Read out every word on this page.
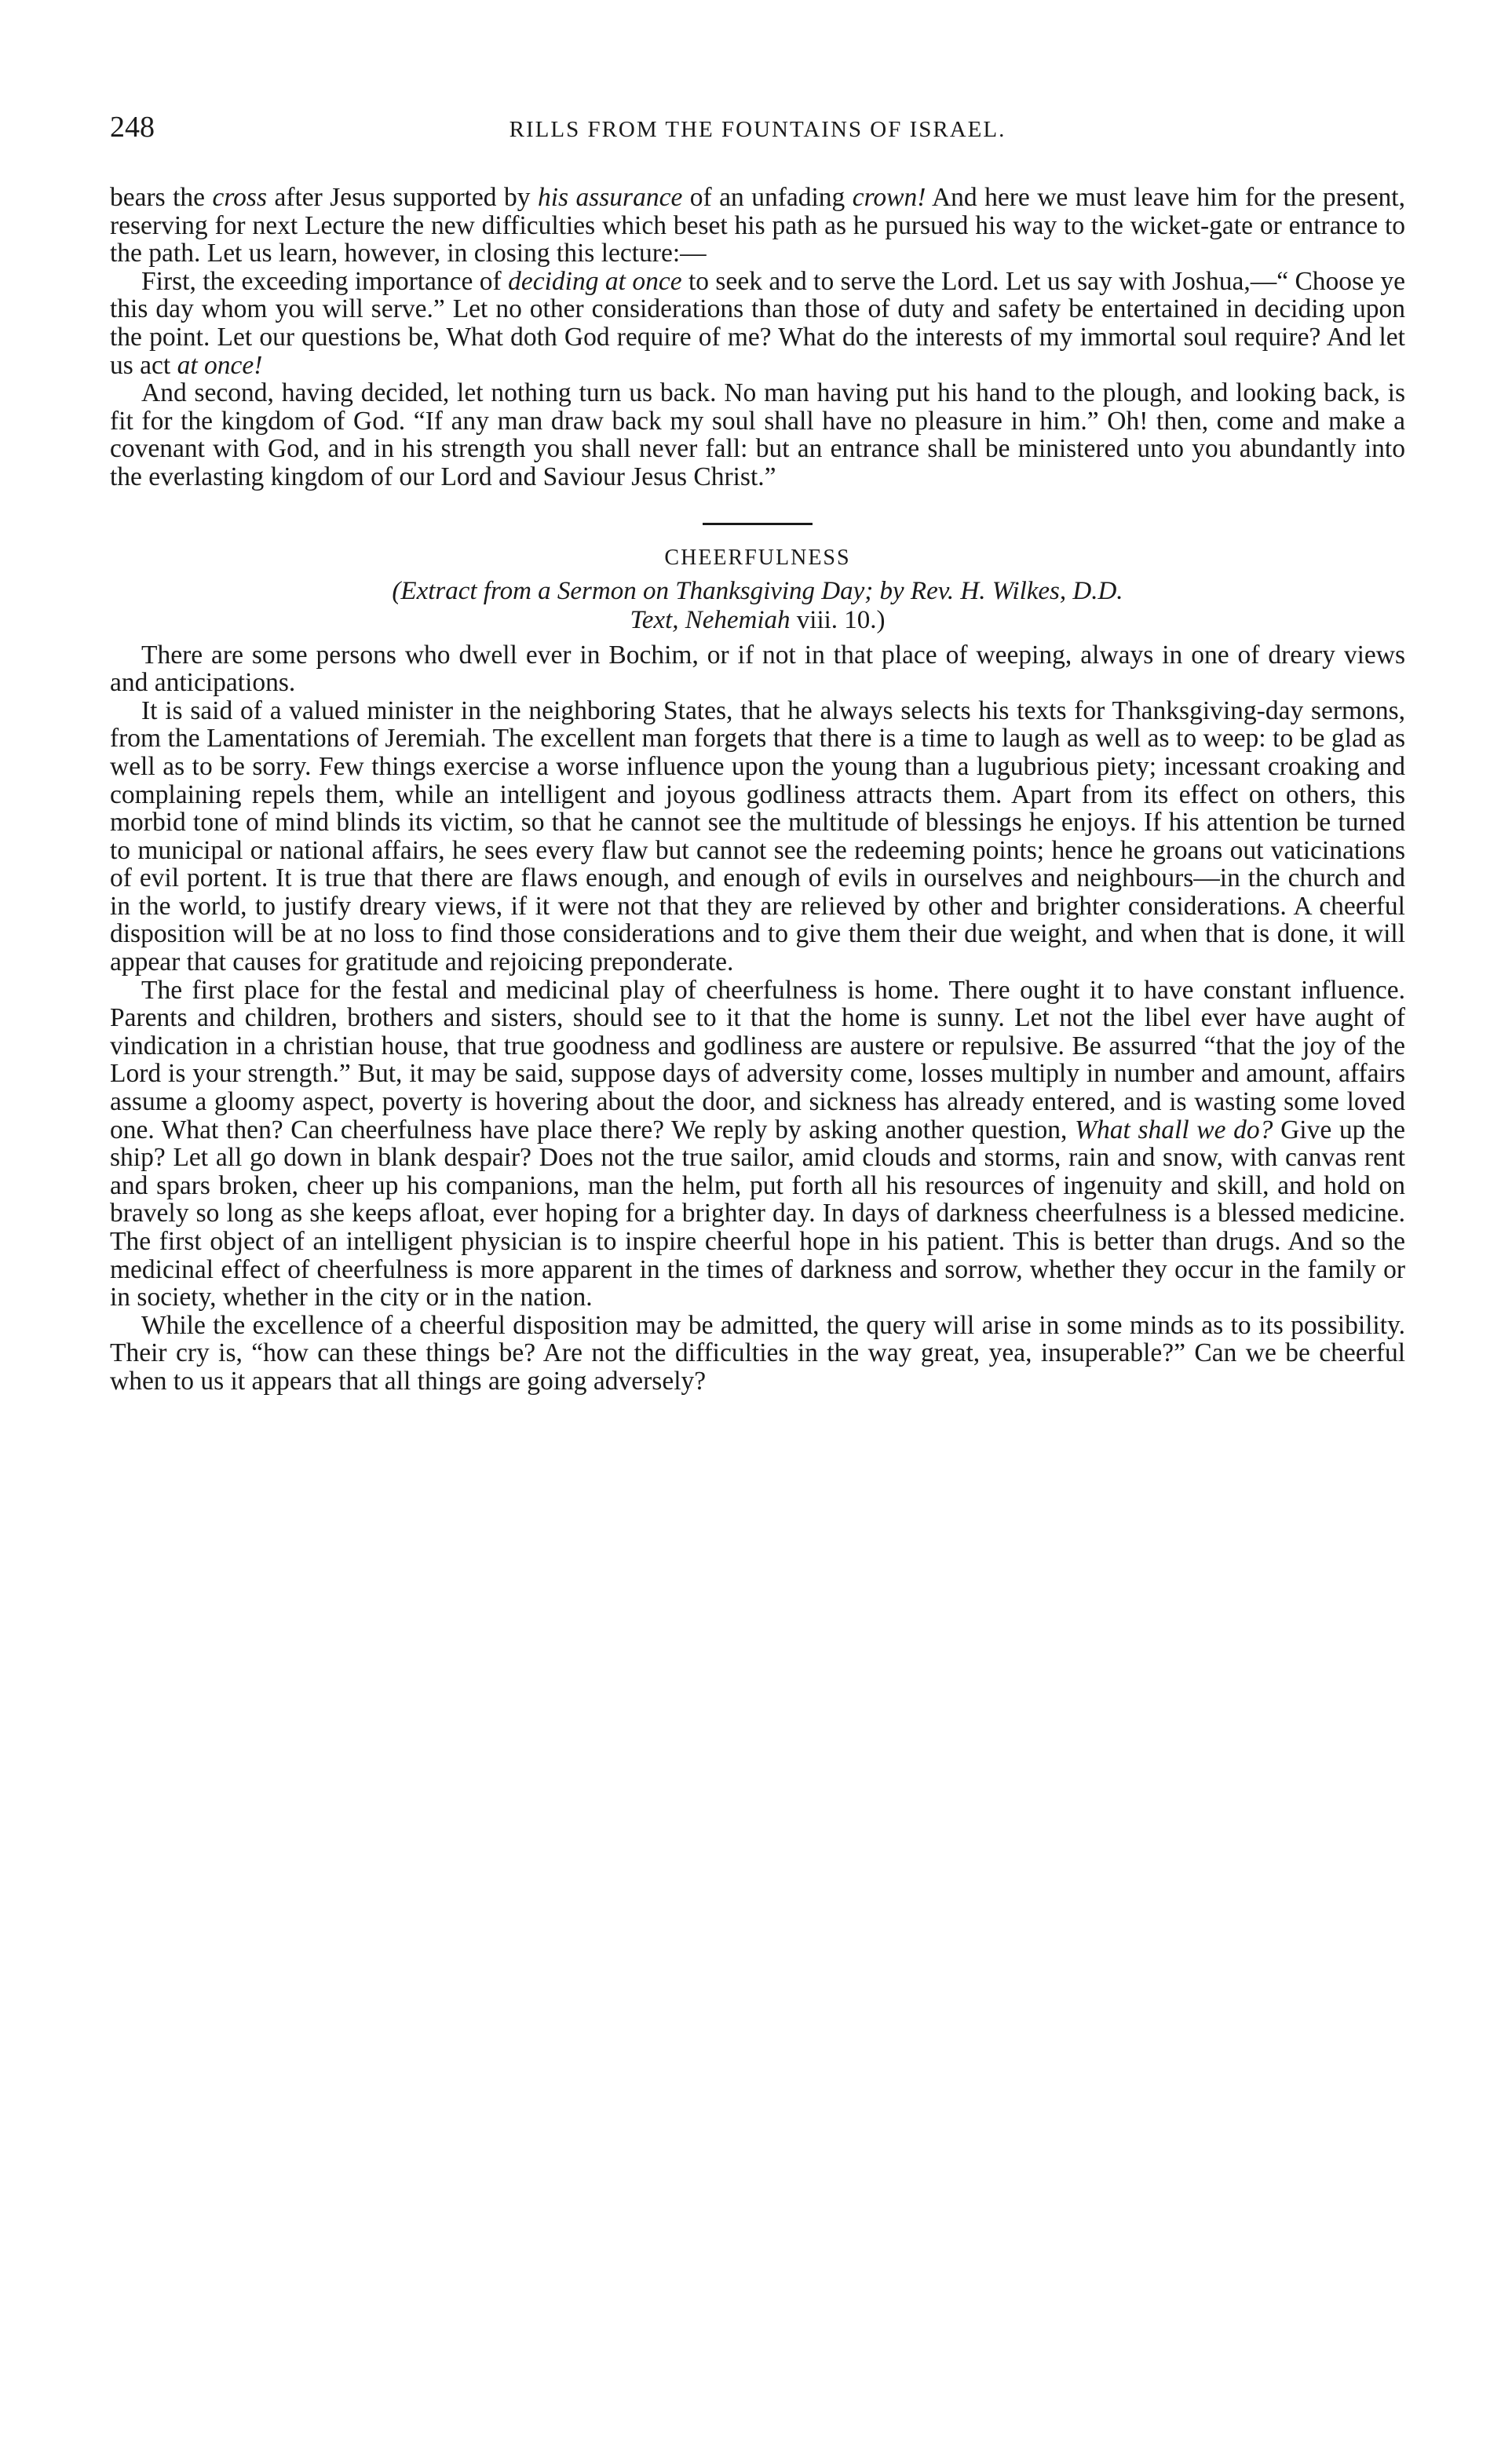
248	RILLS FROM THE FOUNTAINS OF ISRAEL.

bears the cross after Jesus supported by his assurance of an unfading crown! And here we must leave him for the present, reserving for next Lecture the new difficulties which beset his path as he pursued his way to the wicket-gate or entrance to the path. Let us learn, however, in closing this lecture:—

First, the exceeding importance of deciding at once to seek and to serve the Lord. Let us say with Joshua,—“ Choose ye this day whom you will serve.” Let no other considerations than those of duty and safety be entertained in deciding upon the point. Let our questions be, What doth God require of me? What do the interests of my immortal soul require? And let us act at once!

And second, having decided, let nothing turn us back. No man having put his hand to the plough, and looking back, is fit for the kingdom of God. “If any man draw back my soul shall have no pleasure in him.” Oh! then, come and make a covenant with God, and in his strength you shall never fall: but an entrance shall be ministered unto you abundantly into the everlasting kingdom of our Lord and Saviour Jesus Christ.”

CHEERFULNESS

(Extract from a Sermon on Thanksgiving Day; by Rev. H. Wilkes, D.D.

Text, Nehemiah viii. 10.)

There are some persons who dwell ever in Bochim, or if not in that place of weeping, always in one of dreary views and anticipations.

It is said of a valued minister in the neighboring States, that he always selects his texts for Thanksgiving-day sermons, from the Lamentations of Jeremiah. The excellent man forgets that there is a time to laugh as well as to weep: to be glad as well as to be sorry. Few things exercise a worse influence upon the young than a lugubrious piety; incessant croaking and complaining repels them, while an intelligent and joyous godliness attracts them. Apart from its effect on others, this morbid tone of mind blinds its victim, so that he cannot see the multitude of blessings he enjoys. If his attention be turned to municipal or national affairs, he sees every flaw but cannot see the redeeming points; hence he groans out vaticinations of evil portent. It is true that there are flaws enough, and enough of evils in ourselves and neighbours—in the church and in the world, to justify dreary views, if it were not that they are relieved by other and brighter considerations. A cheerful disposition will be at no loss to find those considerations and to give them their due weight, and when that is done, it will appear that causes for gratitude and rejoicing preponderate.

The first place for the festal and medicinal play of cheerfulness is home. There ought it to have constant influence. Parents and children, brothers and sisters, should see to it that the home is sunny. Let not the libel ever have aught of vindication in a christian house, that true goodness and godliness are austere or repulsive. Be assurred “that the joy of the Lord is your strength.” But, it may be said, suppose days of adversity come, losses multiply in number and amount, affairs assume a gloomy aspect, poverty is hovering about the door, and sickness has already entered, and is wasting some loved one. What then? Can cheerfulness have place there? We reply by asking another question, What shall we do? Give up the ship? Let all go down in blank despair? Does not the true sailor, amid clouds and storms, rain and snow, with canvas rent and spars broken, cheer up his companions, man the helm, put forth all his resources of ingenuity and skill, and hold on bravely so long as she keeps afloat, ever hoping for a brighter day. In days of darkness cheerfulness is a blessed medicine. The first object of an intelligent physician is to inspire cheerful hope in his patient. This is better than drugs. And so the medicinal effect of cheerfulness is more apparent in the times of darkness and sorrow, whether they occur in the family or in society, whether in the city or in the nation.

While the excellence of a cheerful disposition may be admitted, the query will arise in some minds as to its possibility. Their cry is, “how can these things be? Are not the difficulties in the way great, yea, insuperable?” Can we be cheerful when to us it appears that all things are going adversely?
